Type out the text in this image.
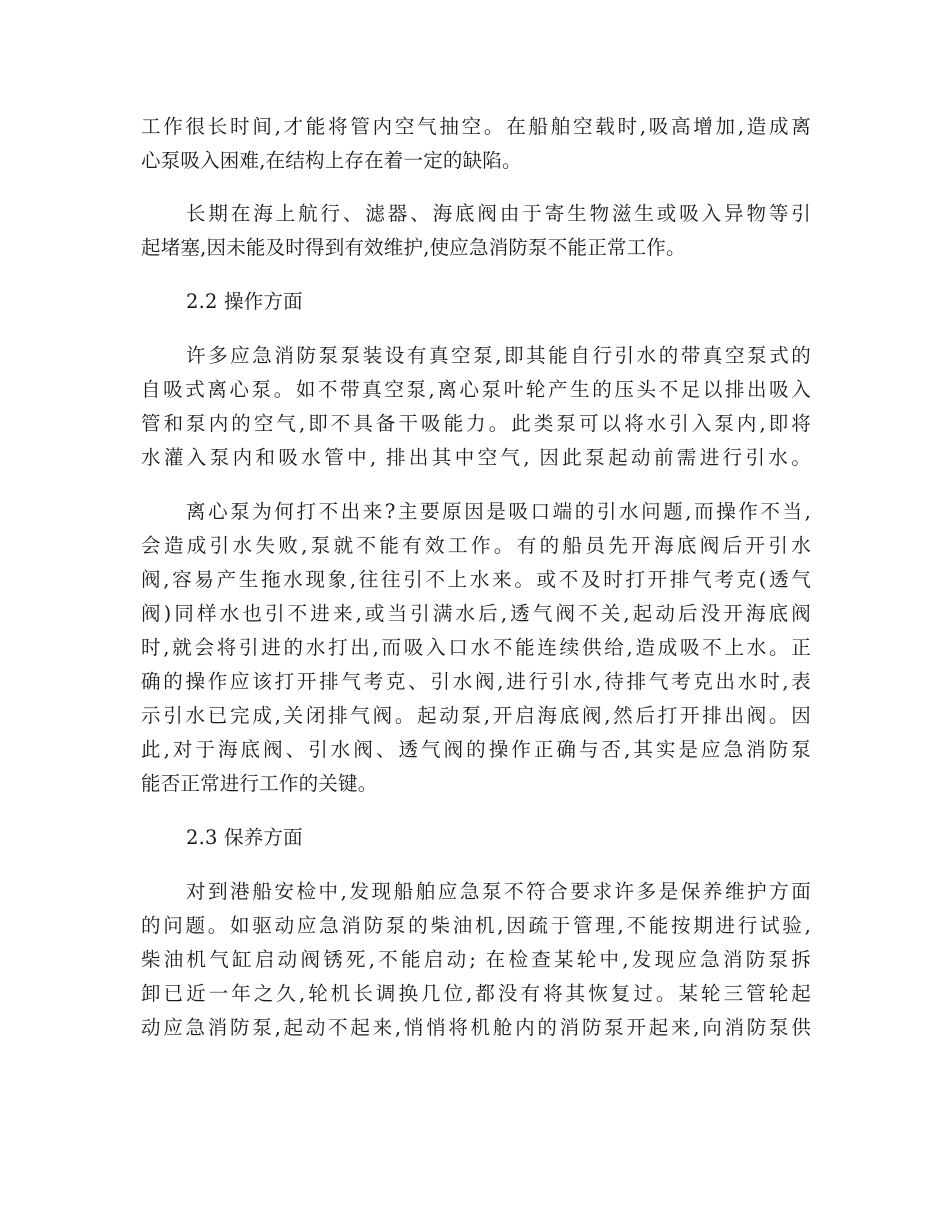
工作很长时间,才能将管内空气抽空。在船舶空载时,吸高增加,造成离
心泵吸入困难,在结构上存在着一定的缺陷。
长期在海上航行、滤器、海底阀由于寄生物滋生或吸入异物等引
起堵塞,因未能及时得到有效维护,使应急消防泵不能正常工作。
2.2 操作方面
许多应急消防泵泵装设有真空泵,即其能自行引水的带真空泵式的
自吸式离心泵。如不带真空泵,离心泵叶轮产生的压头不足以排出吸入
管和泵内的空气,即不具备干吸能力。此类泵可以将水引入泵内,即将
水灌入泵内和吸水管中, 排出其中空气, 因此泵起动前需进行引水。
离心泵为何打不出来?主要原因是吸口端的引水问题,而操作不当,
会造成引水失败,泵就不能有效工作。有的船员先开海底阀后开引水
阀,容易产生拖水现象,往往引不上水来。或不及时打开排气考克(透气
阀)同样水也引不进来,或当引满水后,透气阀不关,起动后没开海底阀
时,就会将引进的水打出,而吸入口水不能连续供给,造成吸不上水。正
确的操作应该打开排气考克、引水阀,进行引水,待排气考克出水时,表
示引水已完成,关闭排气阀。起动泵,开启海底阀,然后打开排出阀。因
此,对于海底阀、引水阀、透气阀的操作正确与否,其实是应急消防泵
能否正常进行工作的关键。
2.3 保养方面
对到港船安检中,发现船舶应急泵不符合要求许多是保养维护方面
的问题。如驱动应急消防泵的柴油机,因疏于管理,不能按期进行试验,
柴油机气缸启动阀锈死,不能启动; 在检查某轮中,发现应急消防泵拆
卸已近一年之久,轮机长调换几位,都没有将其恢复过。某轮三管轮起
动应急消防泵,起动不起来,悄悄将机舱内的消防泵开起来,向消防泵供
